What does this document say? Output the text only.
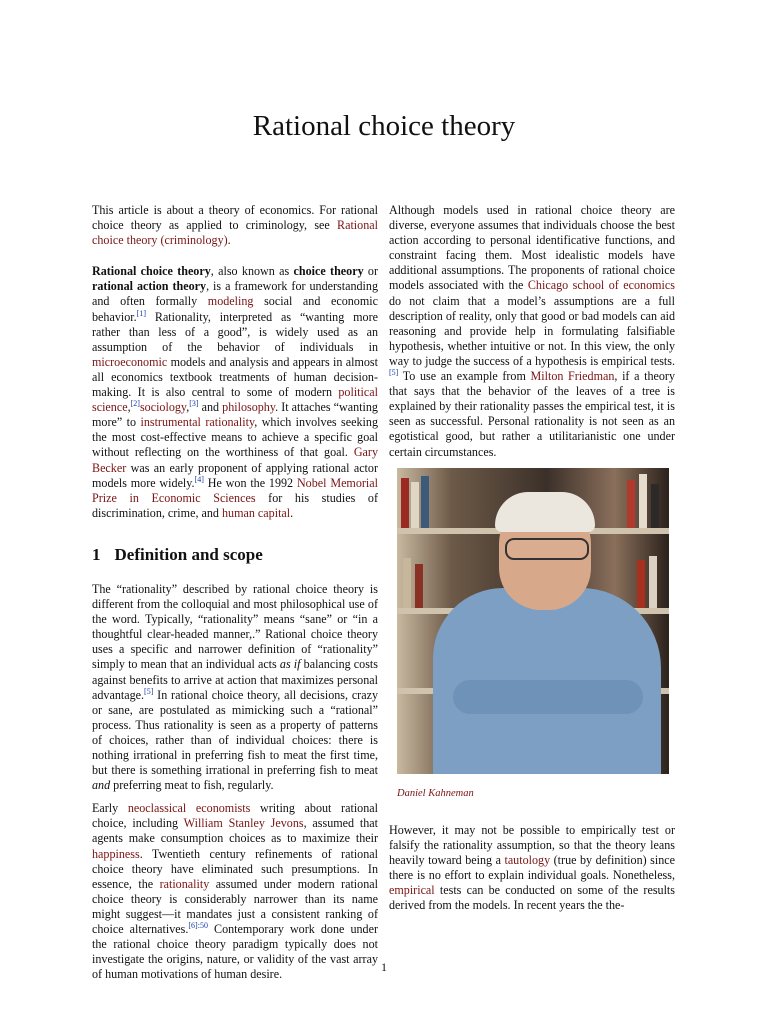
Rational choice theory

This article is about a theory of economics. For rational choice theory as applied to criminology, see Rational choice theory (criminology).

Rational choice theory, also known as choice theory or rational action theory, is a framework for understanding and often formally modeling social and economic behavior.[1] Rationality, interpreted as “wanting more rather than less of a good”, is widely used as an assumption of the behavior of individuals in microeconomic models and analysis and appears in almost all economics textbook treatments of human decision-making. It is also central to some of modern political science,[2]sociology,[3] and philosophy. It attaches “wanting more” to instrumental rationality, which involves seeking the most cost-effective means to achieve a specific goal without reflecting on the worthiness of that goal. Gary Becker was an early proponent of applying rational actor models more widely.[4] He won the 1992 Nobel Memorial Prize in Economic Sciences for his studies of discrimination, crime, and human capital.

1 Definition and scope

The “rationality” described by rational choice theory is different from the colloquial and most philosophical use of the word. Typically, “rationality” means “sane” or “in a thoughtful clear-headed manner,.” Rational choice theory uses a specific and narrower definition of “rationality” simply to mean that an individual acts as if balancing costs against benefits to arrive at action that maximizes personal advantage.[5] In rational choice theory, all decisions, crazy or sane, are postulated as mimicking such a “rational” process. Thus rationality is seen as a property of patterns of choices, rather than of individual choices: there is nothing irrational in preferring fish to meat the first time, but there is something irrational in preferring fish to meat and preferring meat to fish, regularly.

Early neoclassical economists writing about rational choice, including William Stanley Jevons, assumed that agents make consumption choices as to maximize their happiness. Twentieth century refinements of rational choice theory have eliminated such presumptions. In essence, the rationality assumed under modern rational choice theory is considerably narrower than its name might suggest—it mandates just a consistent ranking of choice alternatives.$^{[6]:50}$ Contemporary work done under the rational choice theory paradigm typically does not investigate the origins, nature, or validity of the vast array of human motivations of human desire.

Although models used in rational choice theory are diverse, everyone assumes that individuals choose the best action according to personal identificative functions, and constraint facing them. Most idealistic models have additional assumptions. The proponents of rational choice models associated with the Chicago school of economics do not claim that a model’s assumptions are a full description of reality, only that good or bad models can aid reasoning and provide help in formulating falsifiable hypothesis, whether intuitive or not. In this view, the only way to judge the success of a hypothesis is empirical tests.[5] To use an example from Milton Friedman, if a theory that says that the behavior of the leaves of a tree is explained by their rationality passes the empirical test, it is seen as successful. Personal rationality is not seen as an egotistical good, but rather a utilitarianistic one under certain circumstances.

Daniel Kahneman

However, it may not be possible to empirically test or falsify the rationality assumption, so that the theory leans heavily toward being a tautology (true by definition) since there is no effort to explain individual goals. Nonetheless, empirical tests can be conducted on some of the results derived from the models. In recent years the the-

1
